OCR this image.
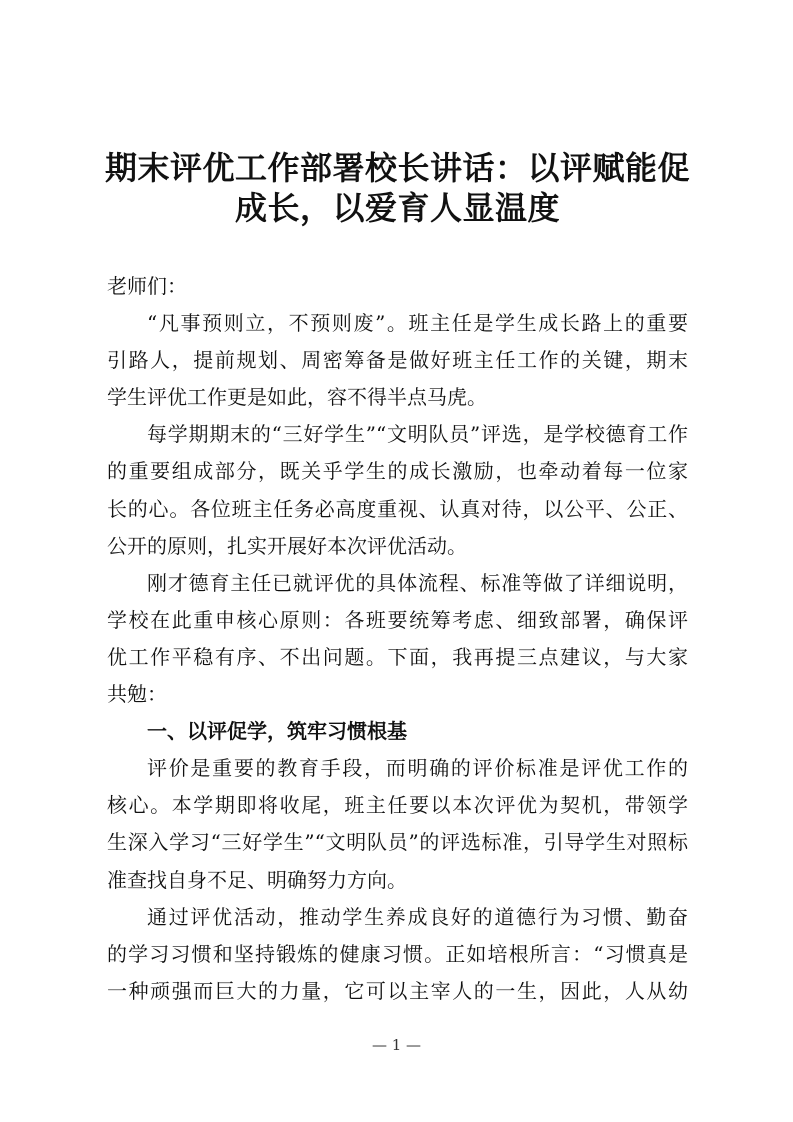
期末评优工作部署校长讲话：以评赋能促
成长，以爱育人显温度
老师们：
“凡事预则立，不预则废”。班主任是学生成长路上的重要
引路人，提前规划、周密筹备是做好班主任工作的关键，期末
学生评优工作更是如此，容不得半点马虎。
每学期期末的“三好学生”“文明队员”评选，是学校德育工作
的重要组成部分，既关乎学生的成长激励，也牵动着每一位家
长的心。各位班主任务必高度重视、认真对待，以公平、公正、
公开的原则，扎实开展好本次评优活动。
刚才德育主任已就评优的具体流程、标准等做了详细说明，
学校在此重申核心原则：各班要统筹考虑、细致部署，确保评
优工作平稳有序、不出问题。下面，我再提三点建议，与大家
共勉：
一、以评促学，筑牢习惯根基
评价是重要的教育手段，而明确的评价标准是评优工作的
核心。本学期即将收尾，班主任要以本次评优为契机，带领学
生深入学习“三好学生”“文明队员”的评选标准，引导学生对照标
准查找自身不足、明确努力方向。
通过评优活动，推动学生养成良好的道德行为习惯、勤奋
的学习习惯和坚持锻炼的健康习惯。正如培根所言：“习惯真是
一种顽强而巨大的力量，它可以主宰人的一生，因此，人从幼
— 1 —
